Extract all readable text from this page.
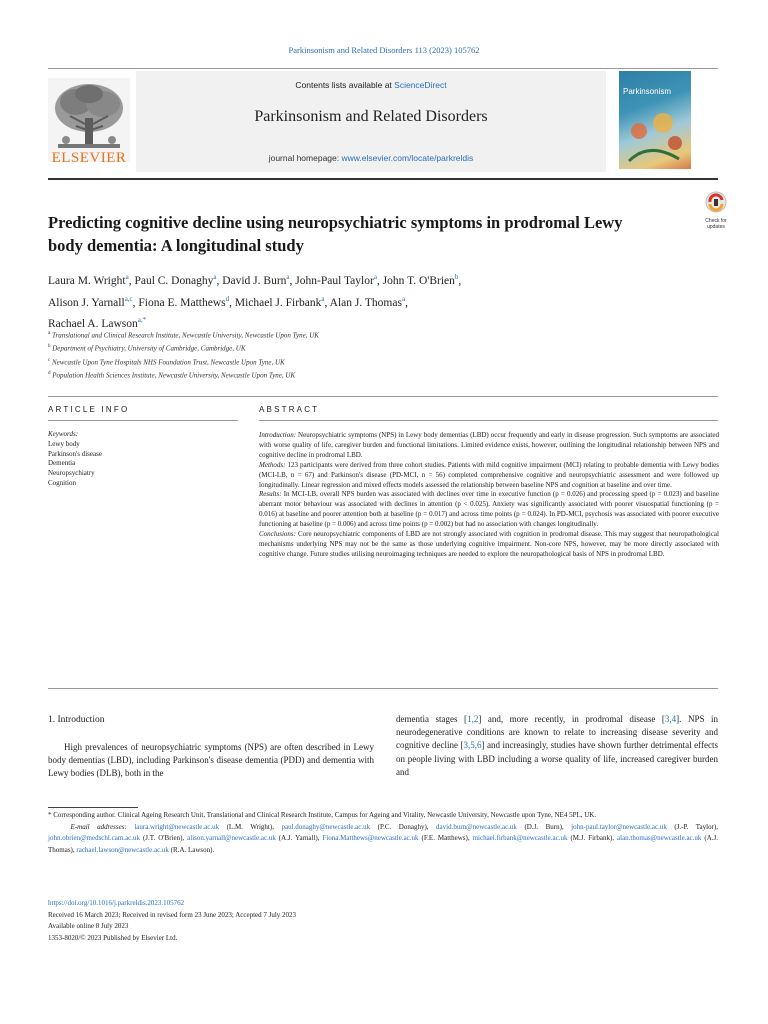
Parkinsonism and Related Disorders 113 (2023) 105762
ELSEVIER
Contents lists available at ScienceDirect
Parkinsonism and Related Disorders
journal homepage: www.elsevier.com/locate/parkreldis
Parkinsonism
Predicting cognitive decline using neuropsychiatric symptoms in prodromal Lewy body dementia: A longitudinal study
Check for updates
Laura M. Wright$^a$, Paul C. Donaghy$^a$, David J. Burn$^a$, John-Paul Taylor$^a$, John T. O'Brien$^b$,
Alison J. Yarnall$^{a,c}$, Fiona E. Matthews$^d$, Michael J. Firbank$^a$, Alan J. Thomas$^a$,
Rachael A. Lawson$^{a,*}$
$^a$ Translational and Clinical Research Institute, Newcastle University, Newcastle Upon Tyne, UK
$^b$ Department of Psychiatry, University of Cambridge, Cambridge, UK
$^c$ Newcastle Upon Tyne Hospitals NHS Foundation Trust, Newcastle Upon Tyne, UK
$^d$ Population Health Sciences Institute, Newcastle University, Newcastle Upon Tyne, UK
ARTICLE INFO	ABSTRACT
Keywords:
Lewy body
Parkinson's disease
Dementia
Neuropsychiatry
Cognition

Introduction: Neuropsychiatric symptoms (NPS) in Lewy body dementias (LBD) occur frequently and early in disease progression. Such symptoms are associated with worse quality of life, caregiver burden and functional limitations. Limited evidence exists, however, outlining the longitudinal relationship between NPS and cognitive decline in prodromal LBD.

Methods: 123 participants were derived from three cohort studies. Patients with mild cognitive impairment (MCI) relating to probable dementia with Lewy bodies (MCI-LB, n = 67) and Parkinson's disease (PD-MCI, n = 56) completed comprehensive cognitive and neuropsychiatric assessment and were followed up longitudinally. Linear regression and mixed effects models assessed the relationship between baseline NPS and cognition at baseline and over time.

Results: In MCI-LB, overall NPS burden was associated with declines over time in executive function (p = 0.026) and processing speed (p = 0.023) and baseline aberrant motor behaviour was associated with declines in attention (p < 0.025). Anxiety was significantly associated with poorer visuospatial functioning (p = 0.016) at baseline and poorer attention both at baseline (p = 0.017) and across time points (p = 0.024). In PD-MCI, psychosis was associated with poorer executive functioning at baseline (p = 0.006) and across time points (p = 0.002) but had no association with changes longitudinally.

Conclusions: Core neuropsychiatric components of LBD are not strongly associated with cognition in prodromal disease. This may suggest that neuropathological mechanisms underlying NPS may not be the same as those underlying cognitive impairment. Non-core NPS, however, may be more directly associated with cognitive change. Future studies utilising neuroimaging techniques are needed to explore the neuropathological basis of NPS in prodromal LBD.

1. Introduction

High prevalences of neuropsychiatric symptoms (NPS) are often described in Lewy body dementias (LBD), including Parkinson's disease dementia (PDD) and dementia with Lewy bodies (DLB), both in the

dementia stages [1,2] and, more recently, in prodromal disease [3,4]. NPS in neurodegenerative conditions are known to relate to increasing disease severity and cognitive decline [3,5,6] and increasingly, studies have shown further detrimental effects on people living with LBD including a worse quality of life, increased caregiver burden and

* Corresponding author. Clinical Ageing Research Unit, Translational and Clinical Research Institute, Campus for Ageing and Vitality, Newcastle University, Newcastle upon Tyne, NE4 5PL, UK.

E-mail addresses: laura.wright@newcastle.ac.uk (L.M. Wright), paul.donaghy@newcastle.ac.uk (P.C. Donaghy), david.burn@newcastle.ac.uk (D.J. Burn), john-paul.taylor@newcastle.ac.uk (J.-P. Taylor), john.obrien@medschl.cam.ac.uk (J.T. O'Brien), alison.yarnall@newcastle.ac.uk (A.J. Yarnall), Fiona.Matthews@newcastle.ac.uk (F.E. Matthews), michael.firbank@newcastle.ac.uk (M.J. Firbank), alan.thomas@newcastle.ac.uk (A.J. Thomas), rachael.lawson@newcastle.ac.uk (R.A. Lawson).

https://doi.org/10.1016/j.parkreldis.2023.105762
Received 16 March 2023; Received in revised form 23 June 2023; Accepted 7 July 2023
Available online 8 July 2023
1353-8020/© 2023 Published by Elsevier Ltd.
